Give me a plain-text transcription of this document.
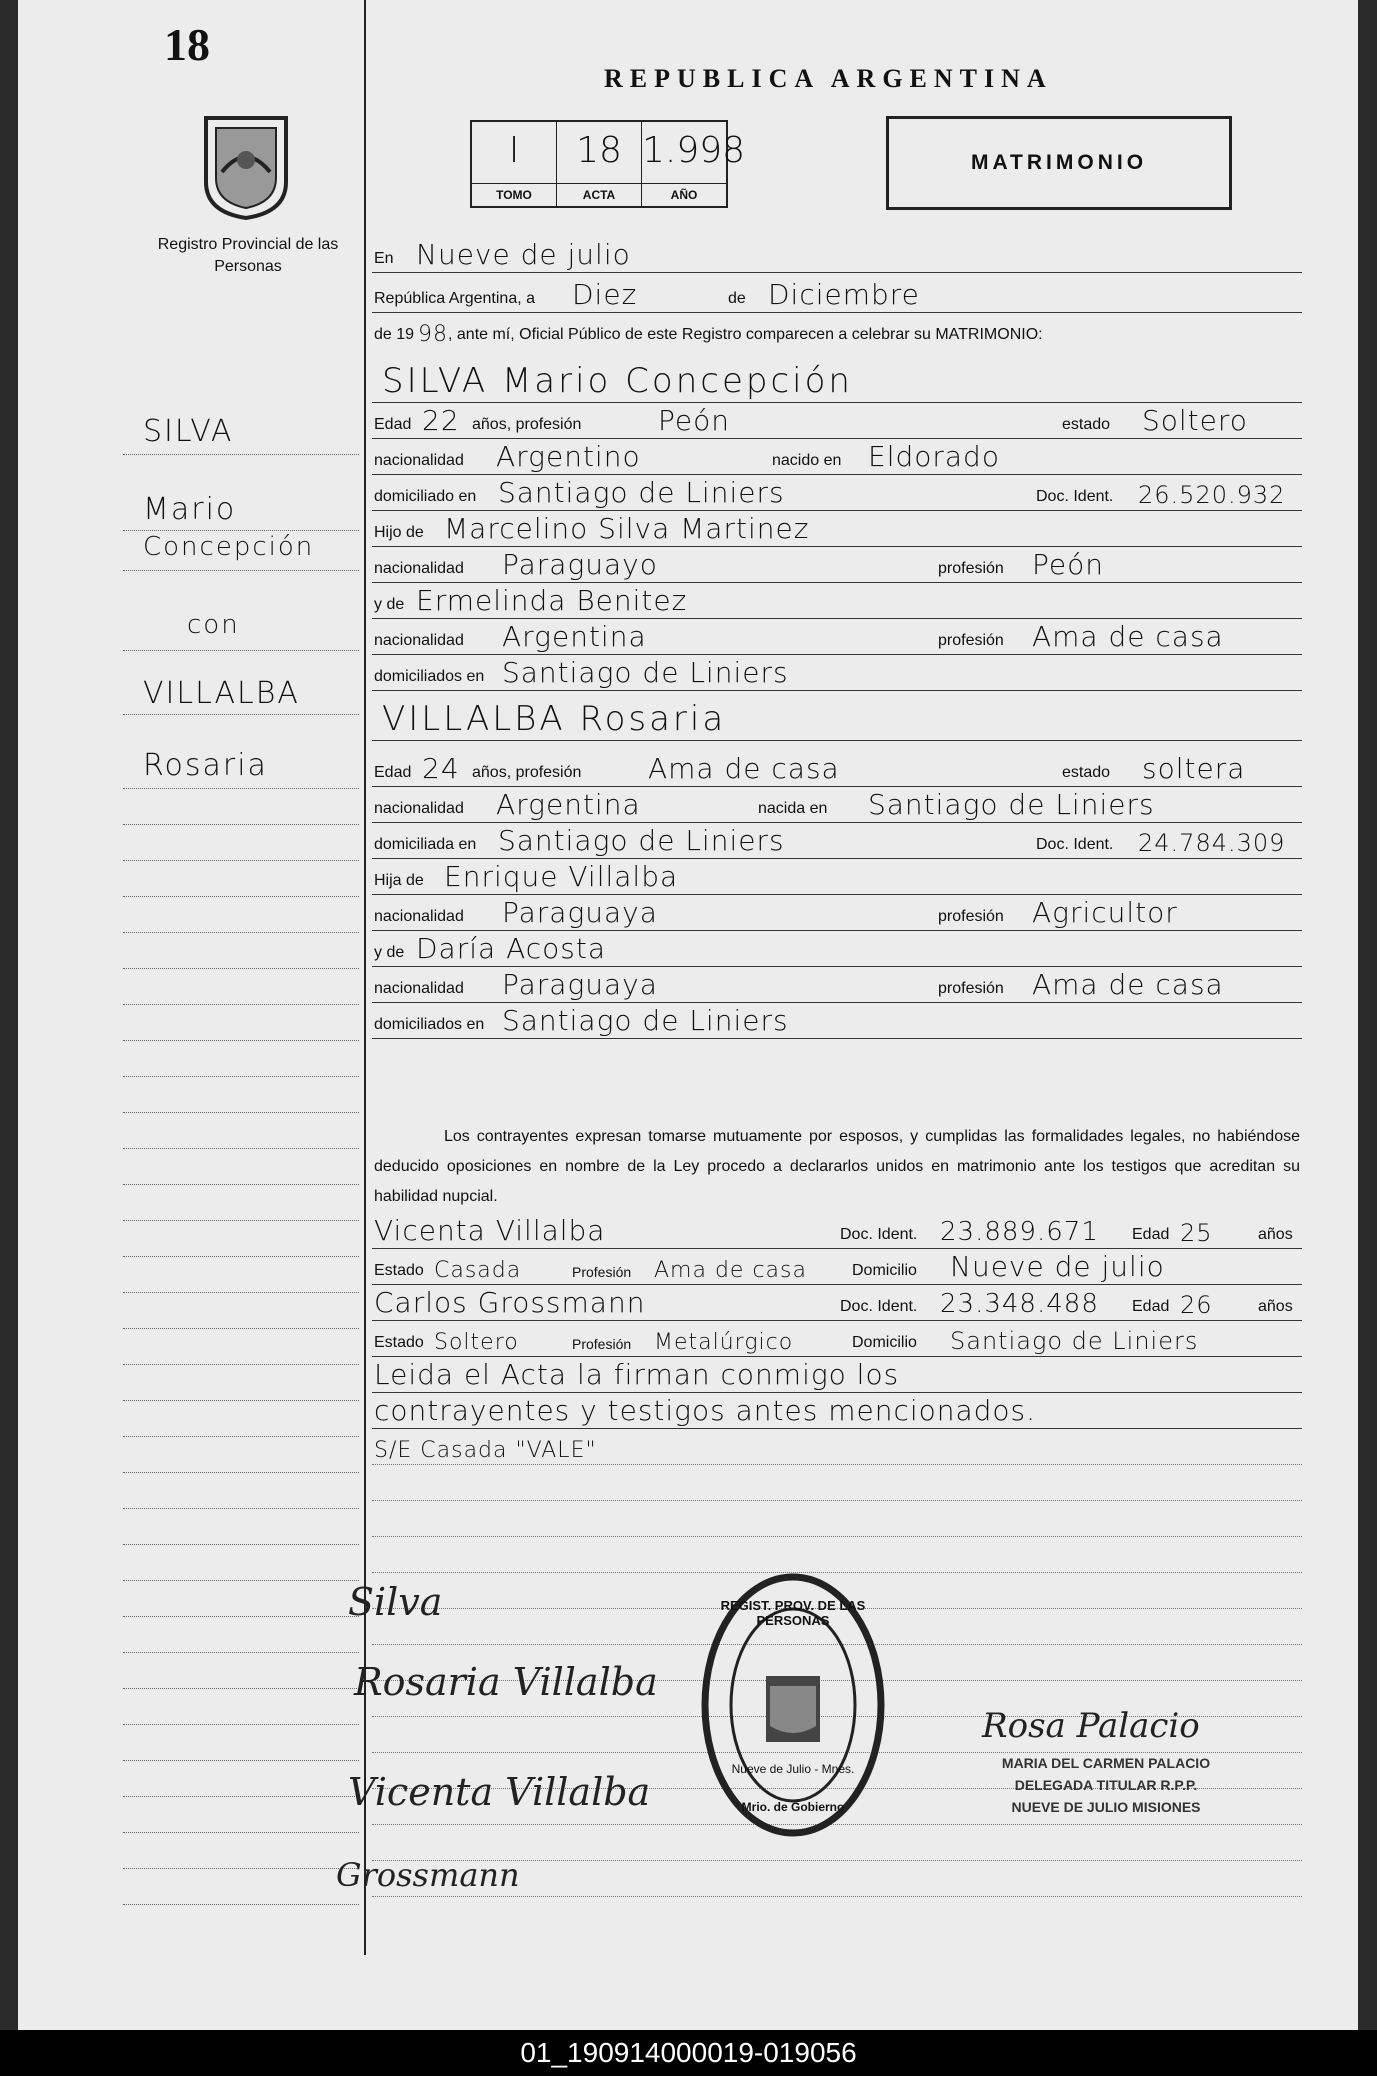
18
Registro Provincial de las Personas
REPUBLICA ARGENTINA
I
TOMO
18
ACTA
1.998
AÑO
MATRIMONIO
SILVA
Mario
Concepción
con
VILLALBA
Rosaria
En Nueve de julio
República Argentina, a Diez	de Diciembre
de 19 98 , ante mí, Oficial Público de este Registro comparecen a celebrar su MATRIMONIO:
SILVA Mario Concepción
Edad 22 años, profesión	Peón	estado Soltero
nacionalidad Argentino	nacido en Eldorado
domiciliado en Santiago de Liniers	Doc. Ident. 26.520.932
Hijo de Marcelino Silva Martinez
nacionalidad Paraguayo	profesión Peón
y de Ermelinda Benitez
nacionalidad Argentina	profesión Ama de casa
domiciliados en Santiago de Liniers
VILLALBA Rosaria
Edad 24 años, profesión Ama de casa	estado soltera
nacionalidad Argentina	nacida en Santiago de Liniers
domiciliada en Santiago de Liniers	Doc. Ident. 24.784.309
Hija de Enrique Villalba
nacionalidad Paraguaya	profesión Agricultor
y de Daría Acosta
nacionalidad Paraguaya	profesión Ama de casa
domiciliados en Santiago de Liniers
Los contrayentes expresan tomarse mutuamente por esposos, y cumplidas las formalidades legales, no habiéndose deducido oposiciones en nombre de la Ley procedo a declararlos unidos en matrimonio ante los testigos que acreditan su habilidad nupcial.
Vicenta Villalba	Doc. Ident. 23.889.671 Edad 25	años
Estado Casada	Profesión Ama de casa	Domicilio Nueve de julio
Carlos Grossmann	Doc. Ident. 23.348.488 Edad 26	años
Estado Soltero	Profesión Metalúrgico	Domicilio Santiago de Liniers
Leida el Acta la firman conmigo los
contrayentes y testigos antes mencionados.
S/E Casada "VALE"
Silva
Rosaria Villalba
Vicenta Villalba
Grossmann
REGIST. PROV. DE LAS PERSONAS
Nueve de Julio - Mnes.
Mrio. de Gobierno
Rosa Palacio
MARIA DEL CARMEN PALACIO
DELEGADA TITULAR R.P.P.
NUEVE DE JULIO MISIONES
01_190914000019-019056
